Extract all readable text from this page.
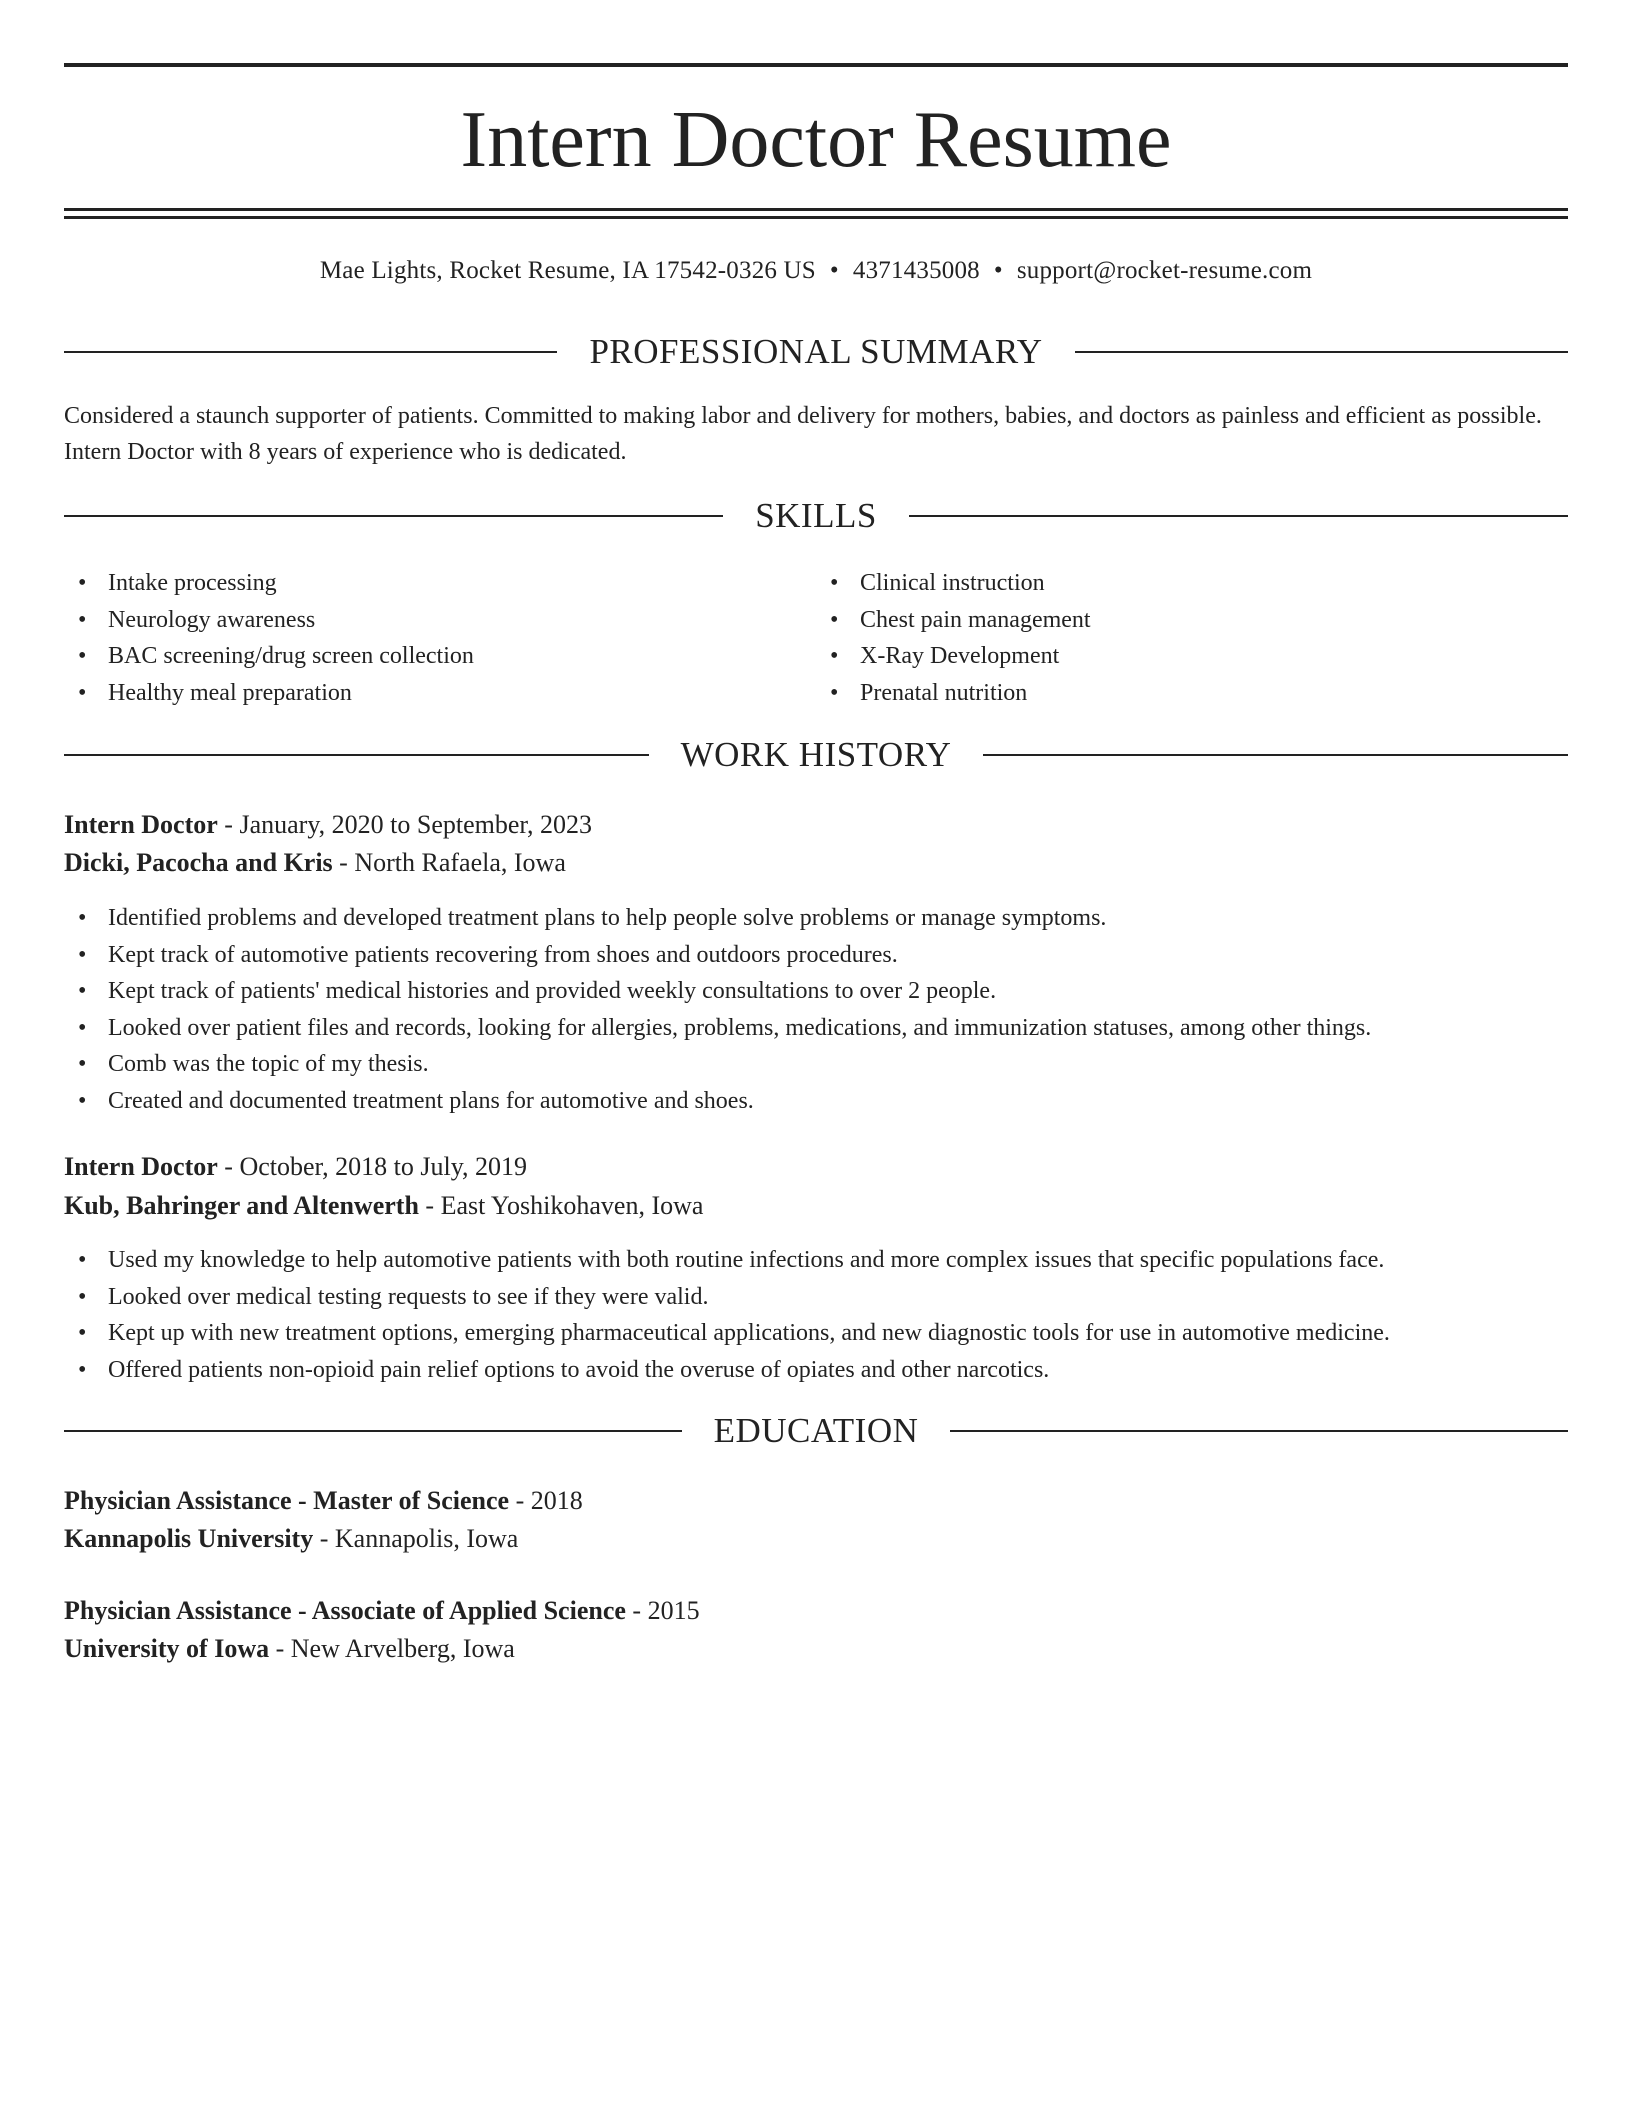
Intern Doctor Resume
Mae Lights, Rocket Resume, IA 17542-0326 US • 4371435008 • support@rocket-resume.com
PROFESSIONAL SUMMARY

Considered a staunch supporter of patients. Committed to making labor and delivery for mothers, babies, and doctors as painless and efficient as possible. Intern Doctor with 8 years of experience who is dedicated.

SKILLS
• Intake processing
• Neurology awareness
• BAC screening/drug screen collection
• Healthy meal preparation
• Clinical instruction
• Chest pain management
• X-Ray Development
• Prenatal nutrition
WORK HISTORY
Intern Doctor - January, 2020 to September, 2023
Dicki, Pacocha and Kris - North Rafaela, Iowa
• Identified problems and developed treatment plans to help people solve problems or manage symptoms.
• Kept track of automotive patients recovering from shoes and outdoors procedures.
• Kept track of patients' medical histories and provided weekly consultations to over 2 people.
• Looked over patient files and records, looking for allergies, problems, medications, and immunization statuses, among other things.
• Comb was the topic of my thesis.
• Created and documented treatment plans for automotive and shoes.
Intern Doctor - October, 2018 to July, 2019
Kub, Bahringer and Altenwerth - East Yoshikohaven, Iowa
• Used my knowledge to help automotive patients with both routine infections and more complex issues that specific populations face.
• Looked over medical testing requests to see if they were valid.
• Kept up with new treatment options, emerging pharmaceutical applications, and new diagnostic tools for use in automotive medicine.
• Offered patients non-opioid pain relief options to avoid the overuse of opiates and other narcotics.
EDUCATION
Physician Assistance - Master of Science - 2018
Kannapolis University - Kannapolis, Iowa
Physician Assistance - Associate of Applied Science - 2015
University of Iowa - New Arvelberg, Iowa
